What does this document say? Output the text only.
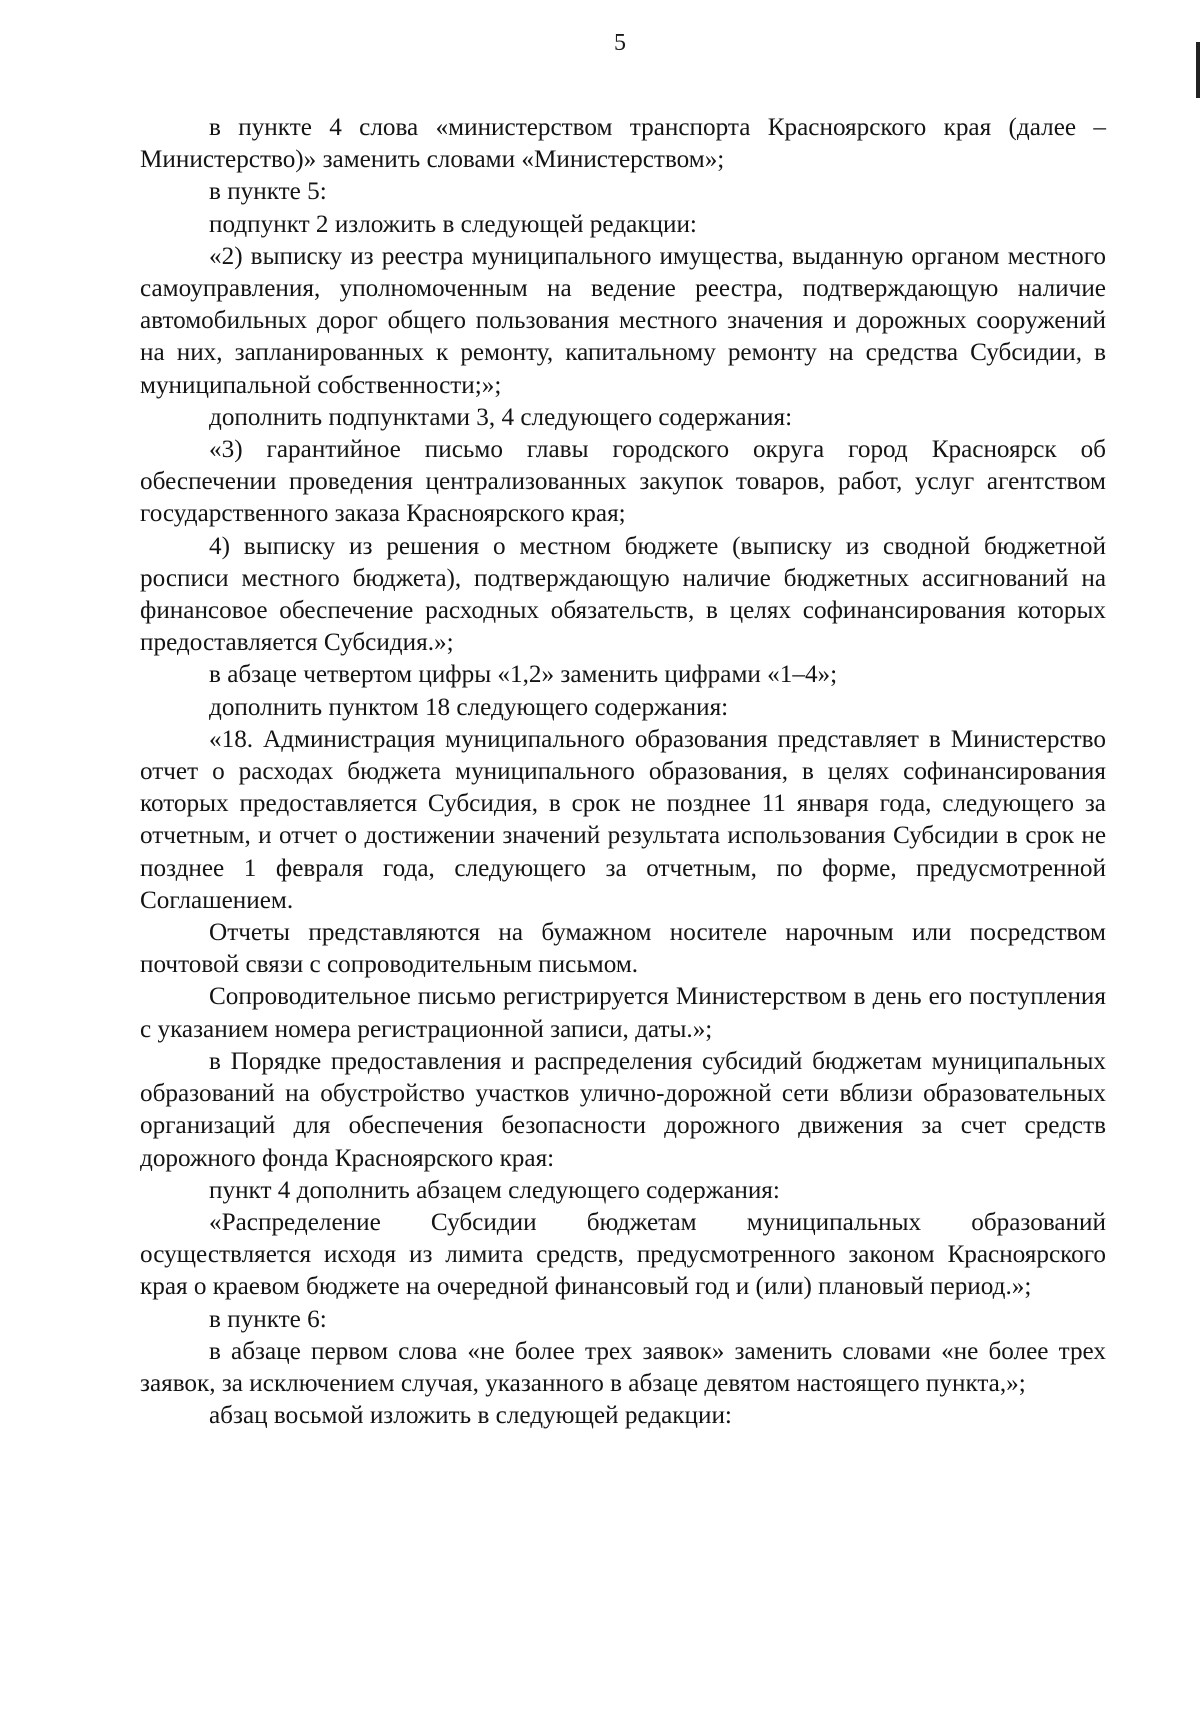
5

в пункте 4 слова «министерством транспорта Красноярского края (далее – Министерство)» заменить словами «Министерством»;

в пункте 5:

подпункт 2 изложить в следующей редакции:

«2) выписку из реестра муниципального имущества, выданную органом местного самоуправления, уполномоченным на ведение реестра, подтверждающую наличие автомобильных дорог общего пользования местного значения и дорожных сооружений на них, запланированных к ремонту, капитальному ремонту на средства Субсидии, в муниципальной собственности;»;

дополнить подпунктами 3, 4 следующего содержания:

«3) гарантийное письмо главы городского округа город Красноярск об обеспечении проведения централизованных закупок товаров, работ, услуг агентством государственного заказа Красноярского края;

4) выписку из решения о местном бюджете (выписку из сводной бюджетной росписи местного бюджета), подтверждающую наличие бюджетных ассигнований на финансовое обеспечение расходных обязательств, в целях софинансирования которых предоставляется Субсидия.»;

в абзаце четвертом цифры «1,2» заменить цифрами «1–4»;

дополнить пунктом 18 следующего содержания:

«18. Администрация муниципального образования представляет в Министерство отчет о расходах бюджета муниципального образования, в целях софинансирования которых предоставляется Субсидия, в срок не позднее 11 января года, следующего за отчетным, и отчет о достижении значений результата использования Субсидии в срок не позднее 1 февраля года, следующего за отчетным, по форме, предусмотренной Соглашением.

Отчеты представляются на бумажном носителе нарочным или посредством почтовой связи с сопроводительным письмом.

Сопроводительное письмо регистрируется Министерством в день его поступления с указанием номера регистрационной записи, даты.»;

в Порядке предоставления и распределения субсидий бюджетам муниципальных образований на обустройство участков улично-дорожной сети вблизи образовательных организаций для обеспечения безопасности дорожного движения за счет средств дорожного фонда Красноярского края:

пункт 4 дополнить абзацем следующего содержания:

«Распределение Субсидии бюджетам муниципальных образований осуществляется исходя из лимита средств, предусмотренного законом Красноярского края о краевом бюджете на очередной финансовый год и (или) плановый период.»;

в пункте 6:

в абзаце первом слова «не более трех заявок» заменить словами «не более трех заявок, за исключением случая, указанного в абзаце девятом настоящего пункта,»;

абзац восьмой изложить в следующей редакции:
